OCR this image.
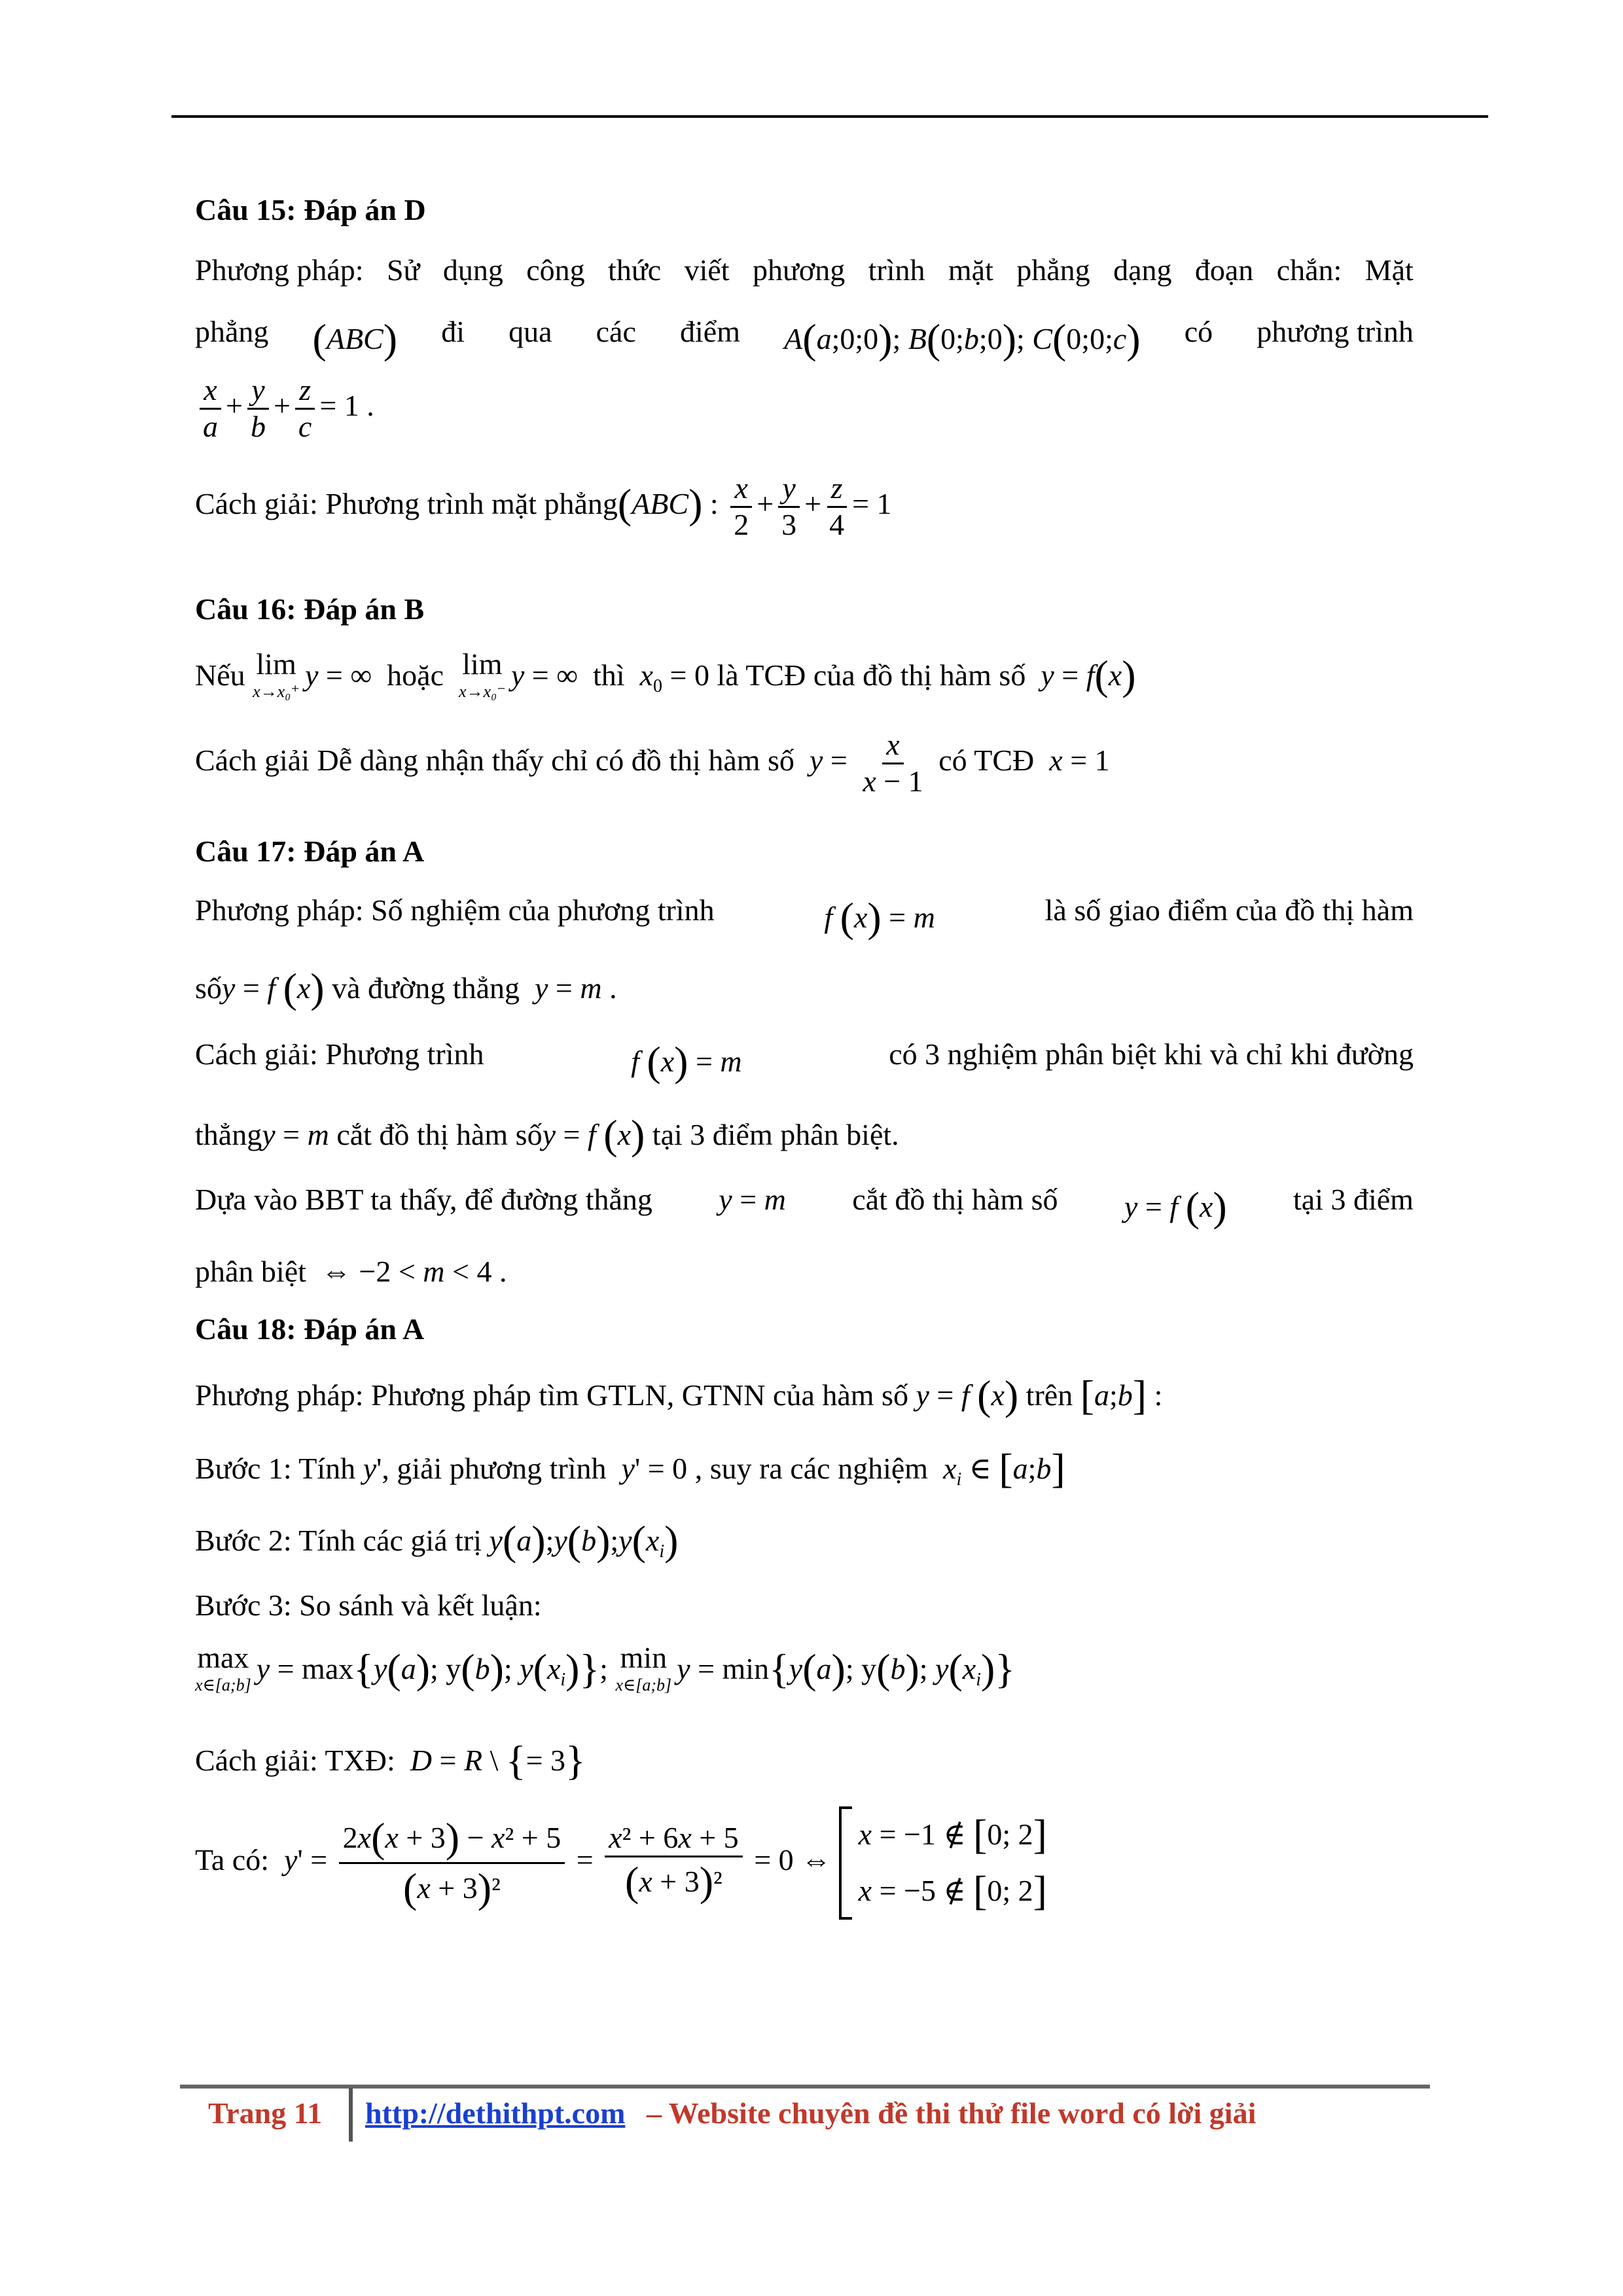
Câu 15: Đáp án D
Phương pháp: Sử dụng công thức viết phương trình mặt phẳng dạng đoạn chắn: Mặt
phẳng (ABC) đi qua các điểm A(a;0;0); B(0;b;0); C(0;0;c) có phương trình
$\frac{x}{a} + \frac{y}{b} + \frac{z}{c} = 1$ .
Cách giải: Phương trình mặt phẳng(ABC) : $\frac{x}{2} + \frac{y}{3} + \frac{z}{4} = 1$
Câu 16: Đáp án B
Nếu lim
x→x₀⁺ y = ∞  hoặc lim
x→x₀⁻ y = ∞  thì $x_0 = 0$ là TCĐ của đồ thị hàm số y = f(x)
Cách giải Dễ dàng nhận thấy chỉ có đồ thị hàm số $y = \frac{x}{x - 1}$ có TCĐ x = 1
Câu 17: Đáp án A
Phương pháp: Số nghiệm của phương trình	f (x) = m	là số giao điểm của đồ thị hàm
sốy = f (x) và đường thẳng y = m .
Cách giải: Phương trình	f (x) = m	có 3 nghiệm phân biệt khi và chỉ khi đường
thẳngy = m cắt đồ thị hàm sốy = f (x) tại 3 điểm phân biệt.
Dựa vào BBT ta thấy, để đường thẳng y = m cắt đồ thị hàm số y = f (x) tại 3 điểm
phân biệt  ⇔ −2 < m < 4 .
Câu 18: Đáp án A
Phương pháp: Phương pháp tìm GTLN, GTNN của hàm số y = f (x) trên [a;b] :
Bước 1: Tính y', giải phương trình y' = 0 , suy ra các nghiệm $x_i$ ∈ [a;b]
Bước 2: Tính các giá trị $y(a);y(b);y(x_i)$
Bước 3: So sánh và kết luận:
max
x∈[a;b] y = max{y(a); y(b); $y(x_i)$}; min
x∈[a;b] y = min{y(a); y(b); $y(x_i)$}
Cách giải: TXĐ: D = R \ {= 3}
Ta có: $y' = \frac{\text{2x(x + 3) − x² + 5}}{\text{(x + 3)²}} = \frac{\text{x² + 6x + 5}}{\text{(x + 3)²}} = 0$ ⇔
x = −1 ∉ [0; 2]
x = −5 ∉ [0; 2]
Trang 11 http://dethithpt.com – Website chuyên đề thi thử file word có lời giải
